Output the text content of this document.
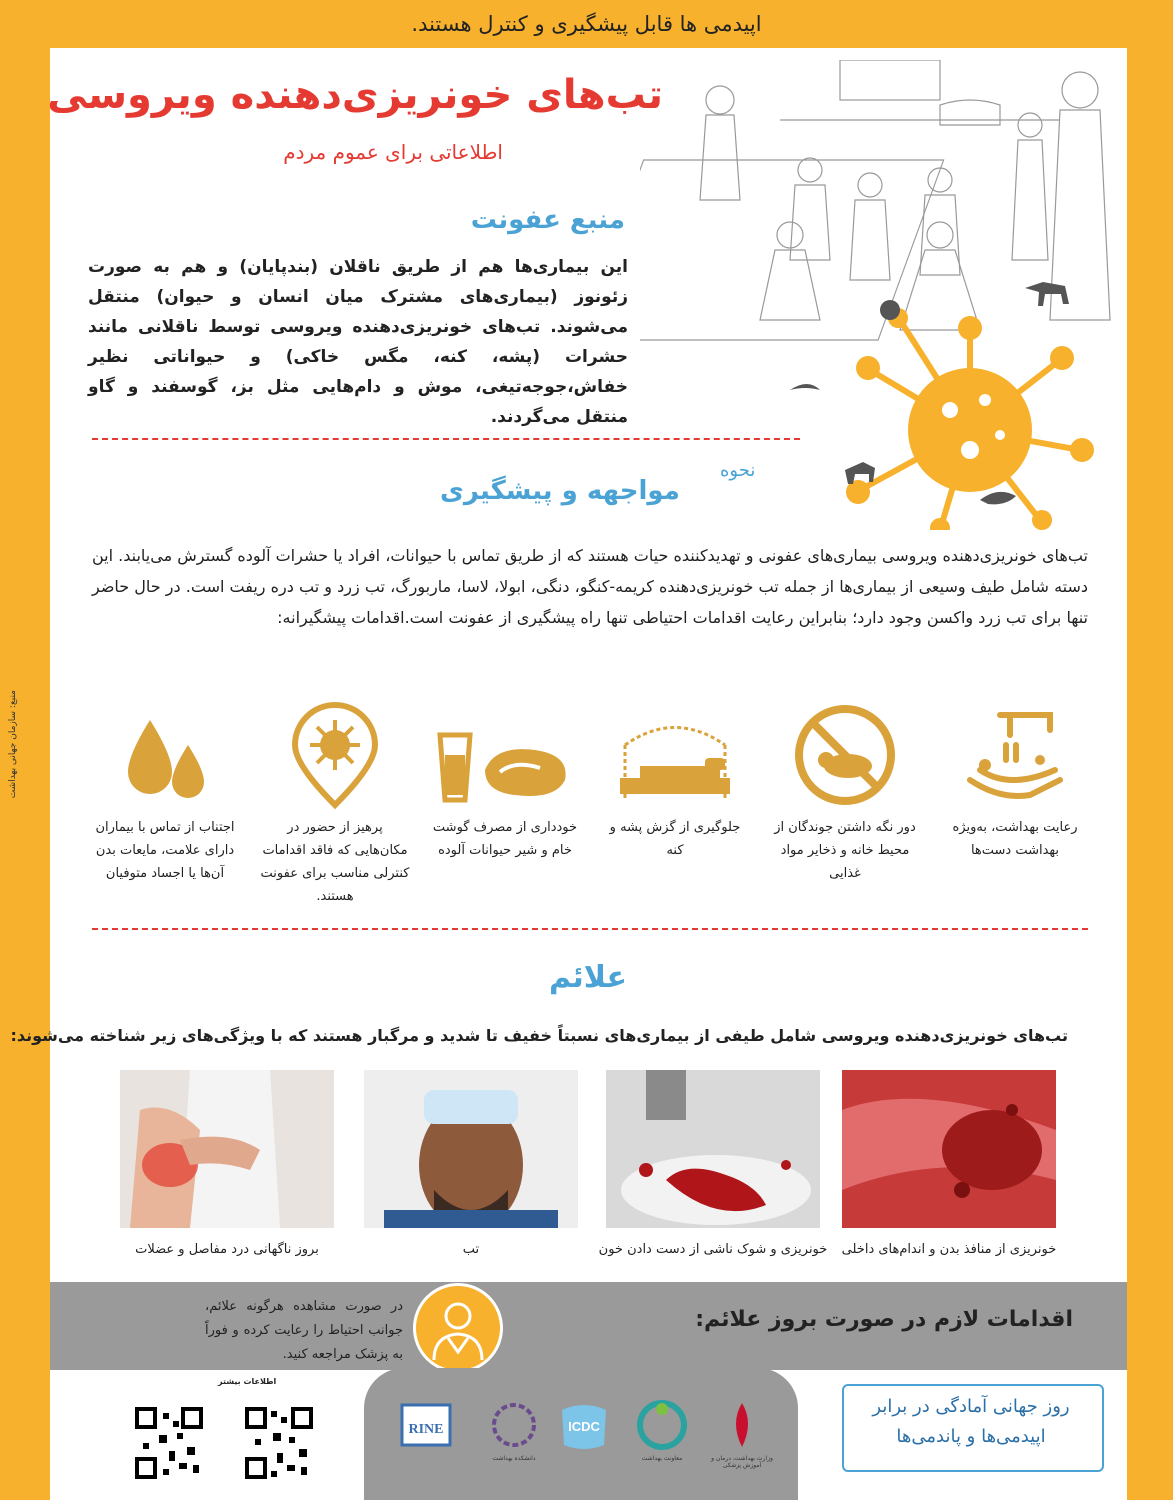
اپیدمی ها قابل پیشگیری و کنترل هستند.
منبع: سازمان جهانی بهداشت
تب‌های خونریزی‌دهنده ویروسی
اطلاعاتی برای عموم مردم
منبع عفونت
این بیماری‌ها هم از طریق ناقلان (بندپایان) و هم به صورت زئونوز (بیماری‌های مشترک میان انسان و حیوان) منتقل می‌شوند. تب‌های خونریزی‌دهنده ویروسی توسط ناقلانی مانند حشرات (پشه، کنه، مگس خاکی) و حیواناتی نظیر خفاش،جوجه‌تیغی، موش و دام‌هایی مثل بز، گوسفند و گاو منتقل می‌گردند.
نحوه
مواجهه و پیشگیری
تب‌های خونریزی‌دهنده ویروسی بیماری‌های عفونی و تهدیدکننده حیات هستند که از طریق تماس با حیوانات، افراد یا حشرات آلوده گسترش می‌یابند. این دسته شامل طیف وسیعی از بیماری‌ها از جمله تب خونریزی‌دهنده کریمه-کنگو، دنگی، ابولا، لاسا، ماربورگ، تب زرد و تب دره ریفت است. در حال حاضر تنها برای تب زرد واکسن وجود دارد؛ بنابراین رعایت اقدامات احتیاطی تنها راه پیشگیری از عفونت است.اقدامات پیشگیرانه:
رعایت بهداشت، به‌ویژه بهداشت دست‌ها
دور نگه داشتن جوندگان از محیط خانه و ذخایر مواد غذایی
جلوگیری از گزش پشه و کنه
خودداری از مصرف گوشت خام و شیر حیوانات آلوده
پرهیز از حضور در مکان‌هایی که فاقد اقدامات کنترلی مناسب برای عفونت هستند.
اجتناب از تماس با بیماران دارای علامت، مایعات بدن آن‌ها یا اجساد متوفیان
علائم
تب‌های خونریزی‌دهنده ویروسی شامل طیفی از بیماری‌های نسبتاً خفیف تا شدید و مرگبار هستند که با ویژگی‌های زیر شناخته می‌شوند:
خونریزی از منافذ بدن و اندام‌های داخلی
خونریزی و شوک ناشی از دست دادن خون
تب
بروز ناگهانی درد مفاصل و عضلات
اقدامات لازم در صورت بروز علائم:
در صورت مشاهده هرگونه علائم، جوانب احتیاط را رعایت کرده و فوراً به پزشک مراجعه کنید.
اطلاعات بیشتر
ICDC
RINE
وزارت بهداشت، درمان و آموزش پزشکی
معاونت بهداشت
دانشکده بهداشت
روز جهانی آمادگی در برابر اپیدمی‌ها و پاندمی‌ها
